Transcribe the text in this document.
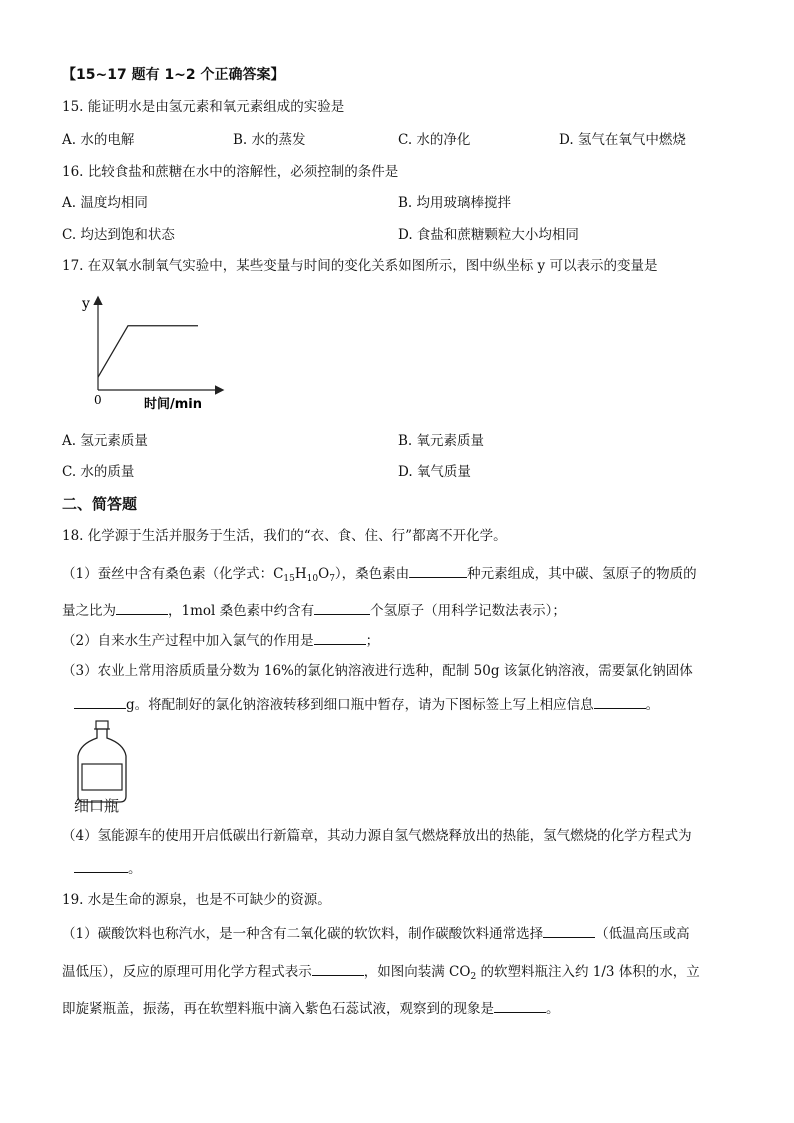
【15~17 题有 1~2 个正确答案】
15. 能证明水是由氢元素和氧元素组成的实验是
A. 水的电解	B. 水的蒸发	C. 水的净化	D. 氢气在氧气中燃烧
16. 比较食盐和蔗糖在水中的溶解性，必须控制的条件是
A. 温度均相同	B. 均用玻璃棒搅拌
C. 均达到饱和状态	D. 食盐和蔗糖颗粒大小均相同
17. 在双氧水制氧气实验中，某些变量与时间的变化关系如图所示，图中纵坐标 y 可以表示的变量是
y
0	时间/min
A. 氢元素质量	B. 氧元素质量
C. 水的质量	D. 氧气质量
二、简答题
18. 化学源于生活并服务于生活，我们的“衣、食、住、行”都离不开化学。
（1）蚕丝中含有桑色素（化学式：$C_{15}H_{10}O_7$），桑色素由	种元素组成，其中碳、氢原子的物质的
量之比为	，1mol 桑色素中约含有	个氢原子（用科学记数法表示）；
（2）自来水生产过程中加入氯气的作用是	；
（3）农业上常用溶质质量分数为 16%的氯化钠溶液进行选种，配制 50g 该氯化钠溶液，需要氯化钠固体
g。将配制好的氯化钠溶液转移到细口瓶中暂存，请为下图标签上写上相应信息	。
细口瓶
（4）氢能源车的使用开启低碳出行新篇章，其动力源自氢气燃烧释放出的热能，氢气燃烧的化学方程式为
。
19. 水是生命的源泉，也是不可缺少的资源。
（1）碳酸饮料也称汽水，是一种含有二氧化碳的软饮料，制作碳酸饮料通常选择	（低温高压或高
温低压），反应的原理可用化学方程式表示	，如图向装满 $CO_2$ 的软塑料瓶注入约 1/3 体积的水，立
即旋紧瓶盖，振荡，再在软塑料瓶中滴入紫色石蕊试液，观察到的现象是	。
